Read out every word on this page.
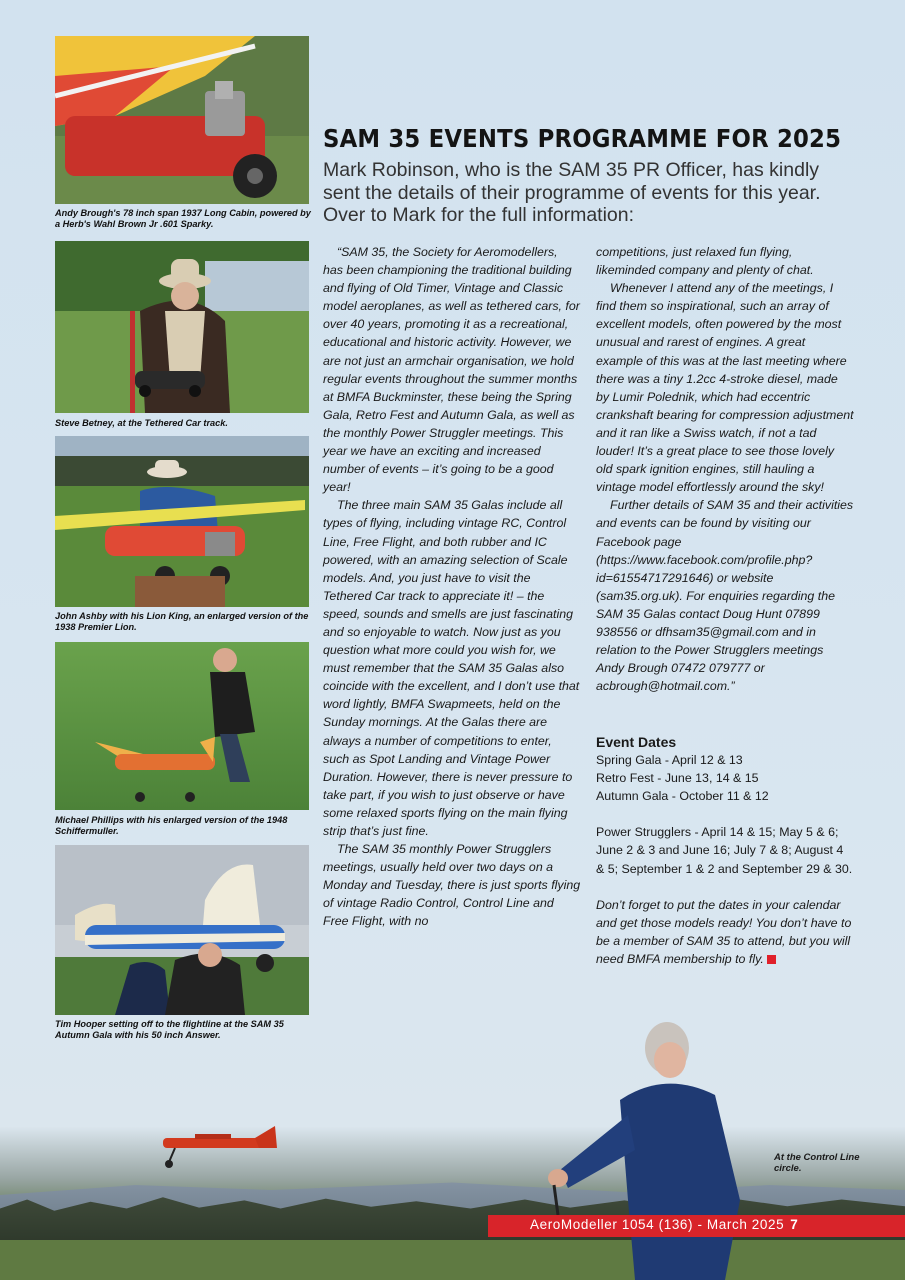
Andy Brough's 78 inch span 1937 Long Cabin, powered by a Herb's Wahl Brown Jr .601 Sparky.

Steve Betney, at the Tethered Car track.

John Ashby with his Lion King, an enlarged version of the 1938 Premier Lion.

Michael Phillips with his enlarged version of the 1948 Schiffermuller.

Tim Hooper setting off to the flightline at the SAM 35 Autumn Gala with his 50 inch Answer.

SAM 35 EVENTS PROGRAMME FOR 2025

Mark Robinson, who is the SAM 35 PR Officer, has kindly sent the details of their programme of events for this year. Over to Mark for the full information:

“SAM 35, the Society for Aeromodellers, has been championing the traditional building and flying of Old Timer, Vintage and Classic model aeroplanes, as well as tethered cars, for over 40 years, promoting it as a recreational, educational and historic activity. However, we are not just an armchair organisation, we hold regular events throughout the summer months at BMFA Buckminster, these being the Spring Gala, Retro Fest and Autumn Gala, as well as the monthly Power Struggler meetings. This year we have an exciting and increased number of events – it’s going to be a good year!

The three main SAM 35 Galas include all types of flying, including vintage RC, Control Line, Free Flight, and both rubber and IC powered, with an amazing selection of Scale models. And, you just have to visit the Tethered Car track to appreciate it! – the speed, sounds and smells are just fascinating and so enjoyable to watch. Now just as you question what more could you wish for, we must remember that the SAM 35 Galas also coincide with the excellent, and I don’t use that word lightly, BMFA Swapmeets, held on the Sunday mornings. At the Galas there are always a number of competitions to enter, such as Spot Landing and Vintage Power Duration. However, there is never pressure to take part, if you wish to just observe or have some relaxed sports flying on the main flying strip that’s just fine.

The SAM 35 monthly Power Strugglers meetings, usually held over two days on a Monday and Tuesday, there is just sports flying of vintage Radio Control, Control Line and Free Flight, with no

competitions, just relaxed fun flying, likeminded company and plenty of chat.

Whenever I attend any of the meetings, I find them so inspirational, such an array of excellent models, often powered by the most unusual and rarest of engines. A great example of this was at the last meeting where there was a tiny 1.2cc 4-stroke diesel, made by Lumir Polednik, which had eccentric crankshaft bearing for compression adjustment and it ran like a Swiss watch, if not a tad louder! It’s a great place to see those lovely old spark ignition engines, still hauling a vintage model effortlessly around the sky!

Further details of SAM 35 and their activities and events can be found by visiting our Facebook page (https://www.facebook.com/profile.php?id=61554717291646) or website (sam35.org.uk). For enquiries regarding the SAM 35 Galas contact Doug Hunt 07899 938556 or dfhsam35@gmail.com and in relation to the Power Strugglers meetings Andy Brough 07472 079777 or acbrough@hotmail.com.”

Event Dates

Spring Gala - April 12 & 13

Retro Fest - June 13, 14 & 15

Autumn Gala - October 11 & 12

Power Strugglers - April 14 & 15; May 5 & 6; June 2 & 3 and June 16; July 7 & 8; August 4 & 5; September 1 & 2 and September 29 & 30.

Don’t forget to put the dates in your calendar and get those models ready! You don’t have to be a member of SAM 35 to attend, but you will need BMFA membership to fly.

At the Control Line circle.

AeroModeller 1054 (136) - March 2025 7
